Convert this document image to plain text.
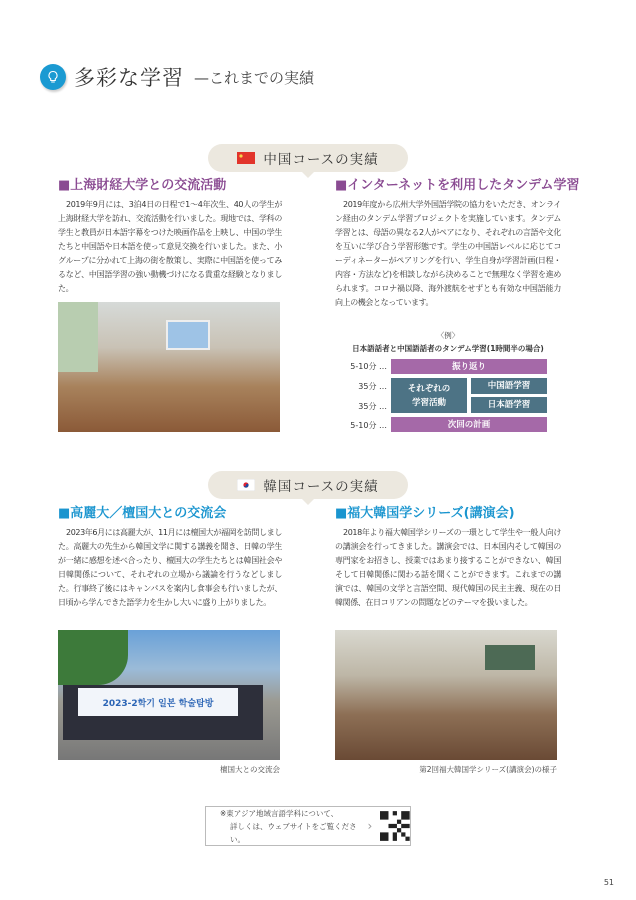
多彩な学習 —これまでの実績
中国コースの実績
■上海財経大学との交流活動

2019年9月には、3泊4日の日程で1～4年次生、40人の学生が上海財経大学を訪れ、交流活動を行いました。現地では、学科の学生と教員が日本語字幕をつけた映画作品を上映し、中国の学生たちと中国語や日本語を使って意見交換を行いました。また、小グループに分かれて上海の街を散策し、実際に中国語を使ってみるなど、中国語学習の強い動機づけになる貴重な経験となりました。

■インターネットを利用したタンデム学習

2019年度から広州大学外国語学院の協力をいただき、オンライン経由のタンデム学習プロジェクトを実施しています。タンデム学習とは、母語の異なる2人がペアになり、それぞれの言語や文化を互いに学び合う学習形態です。学生の中国語レベルに応じてコーディネーターがペアリングを行い、学生自身が学習計画(日程・内容・方法など)を相談しながら決めることで無理なく学習を進められます。コロナ禍以降、海外渡航をせずとも有効な中国語能力向上の機会となっています。

〈例〉
日本語話者と中国語話者のタンデム学習(1時間半の場合)
5-10分 …
35分 …
35分 …
5-10分 …
振り返り
それぞれの
学習活動
中国語学習
日本語学習
次回の計画
韓国コースの実績
■高麗大／檀国大との交流会

2023年6月には高麗大が、11月には檀国大が福岡を訪問しました。高麗大の先生から韓国文学に関する講義を聞き、日韓の学生が一緒に感想を述べ合ったり、檀国大の学生たちとは韓国社会や日韓関係について、それぞれの立場から議論を行うなどしました。行事終了後にはキャンパスを案内し食事会も行いましたが、日頃から学んできた語学力を生かし大いに盛り上がりました。

2023-2학기 일본 학술탐방
檀国大との交流会
■福大韓国学シリーズ(講演会)

2018年より福大韓国学シリーズの一環として学生や一般人向けの講演会を行ってきました。講演会では、日本国内そして韓国の専門家をお招きし、授業ではあまり接することができない、韓国そして日韓関係に関わる話を聞くことができます。これまでの講演では、韓国の文学と言語空間、現代韓国の民主主義、現在の日韓関係、在日コリアンの問題などのテーマを扱いました。

第2回福大韓国学シリーズ(講演会)の様子
※東アジア地域言語学科について、
詳しくは、ウェブサイトをご覧ください。
›
51
